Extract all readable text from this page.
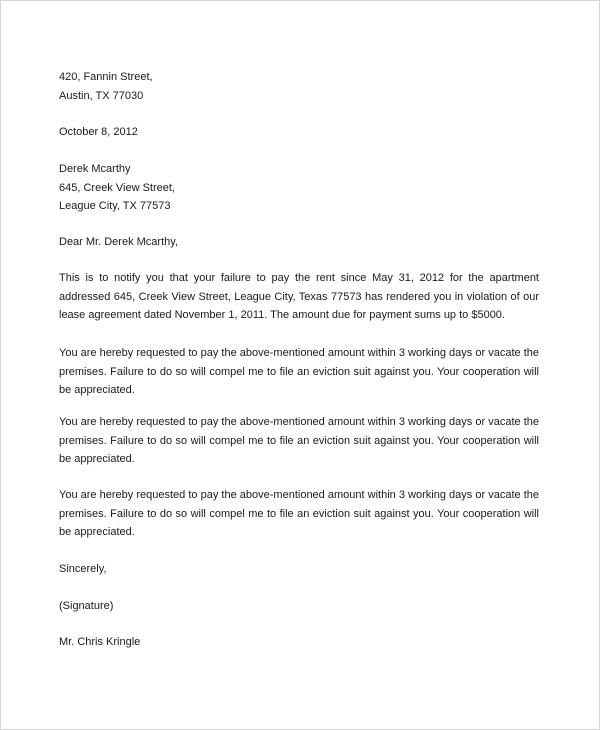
420, Fannin Street,
Austin, TX 77030
October 8, 2012
Derek Mcarthy
645, Creek View Street,
League City, TX 77573
Dear Mr. Derek Mcarthy,
This is to notify you that your failure to pay the rent since May 31, 2012 for the apartment addressed 645, Creek View Street, League City, Texas 77573 has rendered you in violation of our lease agreement dated November 1, 2011. The amount due for payment sums up to $5000.
You are hereby requested to pay the above-mentioned amount within 3 working days or vacate the premises. Failure to do so will compel me to file an eviction suit against you. Your cooperation will be appreciated.
You are hereby requested to pay the above-mentioned amount within 3 working days or vacate the premises. Failure to do so will compel me to file an eviction suit against you. Your cooperation will be appreciated.
You are hereby requested to pay the above-mentioned amount within 3 working days or vacate the premises. Failure to do so will compel me to file an eviction suit against you. Your cooperation will be appreciated.
Sincerely,
(Signature)
Mr. Chris Kringle
